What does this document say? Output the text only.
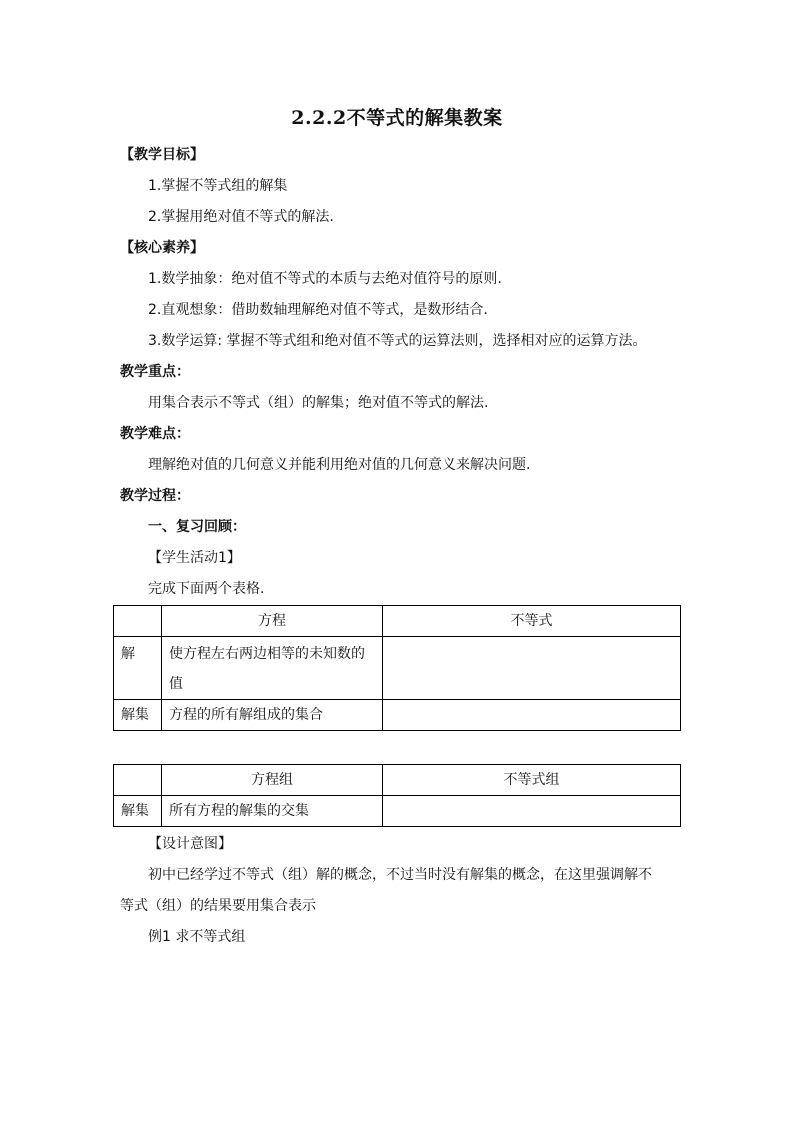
2.2.2不等式的解集教案
【教学目标】
1.掌握不等式组的解集
2.掌握用绝对值不等式的解法.
【核心素养】
1.数学抽象：绝对值不等式的本质与去绝对值符号的原则.
2.直观想象：借助数轴理解绝对值不等式，是数形结合.
3.数学运算: 掌握不等式组和绝对值不等式的运算法则，选择相对应的运算方法。
教学重点：
用集合表示不等式（组）的解集；绝对值不等式的解法.
教学难点：
理解绝对值的几何意义并能利用绝对值的几何意义来解决问题.
教学过程：
一、复习回顾：
【学生活动1】
完成下面两个表格.
	方程	不等式
解	使方程左右两边相等的未知数的
值	

解集	方程的所有解组成的集合	
	方程组	不等式组
解集	所有方程的解集的交集	
【设计意图】
初中已经学过不等式（组）解的概念，不过当时没有解集的概念，在这里强调解不
等式（组）的结果要用集合表示
例1 求不等式组
